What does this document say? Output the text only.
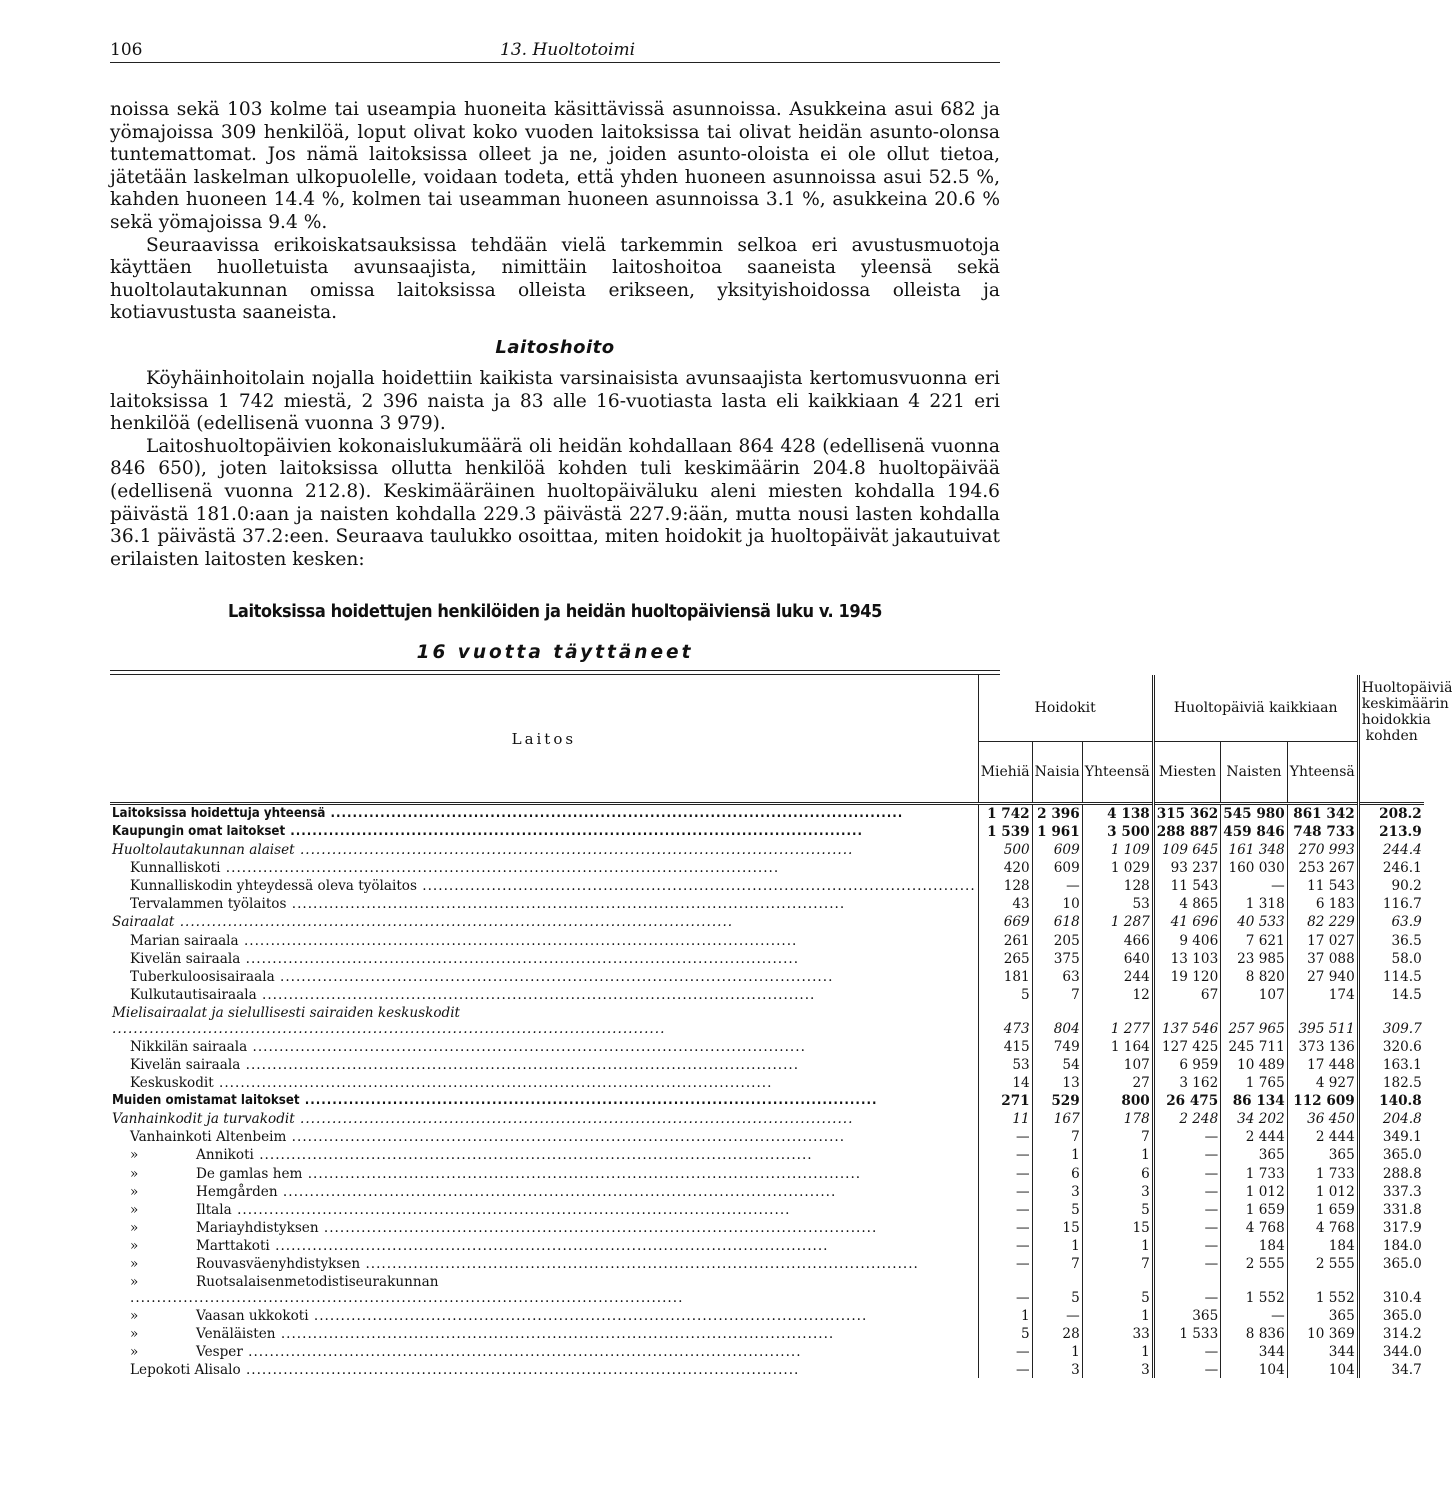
106	13. Huoltotoimi

noissa sekä 103 kolme tai useampia huoneita käsittävissä asunnoissa. Asukkeina asui 682 ja yömajoissa 309 henkilöä, loput olivat koko vuoden laitoksissa tai olivat heidän asunto-olonsa tuntemattomat. Jos nämä laitoksissa olleet ja ne, joiden asunto-oloista ei ole ollut tietoa, jätetään laskelman ulkopuolelle, voidaan todeta, että yhden huoneen asunnoissa asui 52.5 %, kahden huoneen 14.4 %, kolmen tai useamman huoneen asunnoissa 3.1 %, asukkeina 20.6 % sekä yömajoissa 9.4 %.

Seuraavissa erikoiskatsauksissa tehdään vielä tarkemmin selkoa eri avustusmuotoja käyttäen huolletuista avunsaajista, nimittäin laitoshoitoa saaneista yleensä sekä huoltolautakunnan omissa laitoksissa olleista erikseen, yksityishoidossa olleista ja kotiavustusta saaneista.

Laitoshoito

Köyhäinhoitolain nojalla hoidettiin kaikista varsinaisista avunsaajista kertomusvuonna eri laitoksissa 1 742 miestä, 2 396 naista ja 83 alle 16-vuotiasta lasta eli kaikkiaan 4 221 eri henkilöä (edellisenä vuonna 3 979).

Laitoshuoltopäivien kokonaislukumäärä oli heidän kohdallaan 864 428 (edellisenä vuonna 846 650), joten laitoksissa ollutta henkilöä kohden tuli keskimäärin 204.8 huoltopäivää (edellisenä vuonna 212.8). Keskimääräinen huoltopäiväluku aleni miesten kohdalla 194.6 päivästä 181.0:aan ja naisten kohdalla 229.3 päivästä 227.9:ään, mutta nousi lasten kohdalla 36.1 päivästä 37.2:een. Seuraava taulukko osoittaa, miten hoidokit ja huoltopäivät jakautuivat erilaisten laitosten kesken:

Laitoksissa hoidettujen henkilöiden ja heidän huoltopäiviensä luku v. 1945
16 vuotta täyttäneet
Laitos	Hoidokit			Huoltopäiviä kaikkiaan			Huoltopäiviä keskimäärin hoidokkia kohden

	Miehiä	Naisia	Yhteensä	Miesten	Naisten	Yhteensä	
Laitoksissa hoidettuja yhteensä .....	1 742	2 396	4 138	315 362	545 980	861 342	208.2
Kaupungin omat laitokset .....	1 539	1 961	3 500	288 887	459 846	748 733	213.9
Huoltolautakunnan alaiset .....	500	609	1 109	109 645	161 348	270 993	244.4
Kunnalliskoti .....	420	609	1 029	93 237	160 030	253 267	246.1
Kunnalliskodin yhteydessä oleva työlaitos .....	128	—	128	11 543	—	11 543	90.2
Tervalammen työlaitos .....	43	10	53	4 865	1 318	6 183	116.7
Sairaalat .....	669	618	1 287	41 696	40 533	82 229	63.9
Marian sairaala .....	261	205	466	9 406	7 621	17 027	36.5
Kivelän sairaala .....	265	375	640	13 103	23 985	37 088	58.0
Tuberkuloosisairaala .....	181	63	244	19 120	8 820	27 940	114.5
Kulkutautisairaala .....	5	7	12	67	107	174	14.5
Mielisairaalat ja sielullisesti sairaiden keskuskodit .....	473	804	1 277	137 546	257 965	395 511	309.7
Nikkilän sairaala .....	415	749	1 164	127 425	245 711	373 136	320.6
Kivelän sairaala .....	53	54	107	6 959	10 489	17 448	163.1
Keskuskodit .....	14	13	27	3 162	1 765	4 927	182.5
Muiden omistamat laitokset .....	271	529	800	26 475	86 134	112 609	140.8
Vanhainkodit ja turvakodit .....	11	167	178	2 248	34 202	36 450	204.8
Vanhainkoti Altenbeim .....	—	7	7	—	2 444	2 444	349.1
» Annikoti .....	—	1	1	—	365	365	365.0
» De gamlas hem .....	—	6	6	—	1 733	1 733	288.8
» Hemgården .....	—	3	3	—	1 012	1 012	337.3
» Iltala .....	—	5	5	—	1 659	1 659	331.8
» Mariayhdistyksen .....	—	15	15	—	4 768	4 768	317.9
» Marttakoti .....	—	1	1	—	184	184	184.0
» Rouvasväenyhdistyksen .....	—	7	7	—	2 555	2 555	365.0
» Ruotsalaisenmetodistiseurakunnan .....	—	5	5	—	1 552	1 552	310.4
» Vaasan ukkokoti .....	1	—	1	365	—	365	365.0
» Venäläisten .....	5	28	33	1 533	8 836	10 369	314.2
» Vesper .....	—	1	1	—	344	344	344.0
Lepokoti Alisalo .....	—	3	3	—	104	104	34.7
